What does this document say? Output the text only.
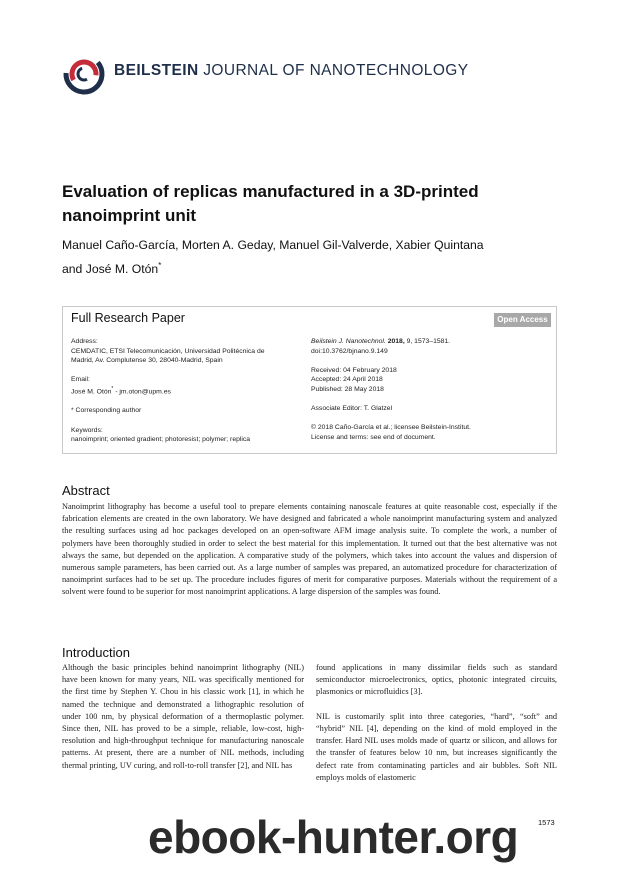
BEILSTEIN JOURNAL OF NANOTECHNOLOGY
Evaluation of replicas manufactured in a 3D-printed nanoimprint unit
Manuel Caño-García, Morten A. Geday, Manuel Gil-Valverde, Xabier Quintana
and José M. Otón*
Full Research Paper	Open Access
Address:
CEMDATIC, ETSI Telecomunicación, Universidad Politécnica de
Madrid, Av. Complutense 30, 28040-Madrid, Spain
Email:
José M. Otón* - jm.oton@upm.es
* Corresponding author
Keywords:
nanoimprint; oriented gradient; photoresist; polymer; replica
Beilstein J. Nanotechnol. 2018, 9, 1573–1581.
doi:10.3762/bjnano.9.149
Received: 04 February 2018
Accepted: 24 April 2018
Published: 28 May 2018
Associate Editor: T. Glatzel
© 2018 Caño-García et al.; licensee Beilstein-Institut.
License and terms: see end of document.
Abstract
Nanoimprint lithography has become a useful tool to prepare elements containing nanoscale features at quite reasonable cost, especially if the fabrication elements are created in the own laboratory. We have designed and fabricated a whole nanoimprint manufacturing system and analyzed the resulting surfaces using ad hoc packages developed on an open-software AFM image analysis suite. To complete the work, a number of polymers have been thoroughly studied in order to select the best material for this implementation. It turned out that the best alternative was not always the same, but depended on the application. A comparative study of the polymers, which takes into account the values and dispersion of numerous sample parameters, has been carried out. As a large number of samples was prepared, an automatized procedure for characterization of nanoimprint surfaces had to be set up. The procedure includes figures of merit for comparative purposes. Materials without the requirement of a solvent were found to be superior for most nanoimprint applications. A large dispersion of the samples was found.
Introduction
Although the basic principles behind nanoimprint lithography (NIL) have been known for many years, NIL was specifically mentioned for the first time by Stephen Y. Chou in his classic work [1], in which he named the technique and demonstrated a lithographic resolution of under 100 nm, by physical deformation of a thermoplastic polymer. Since then, NIL has proved to be a simple, reliable, low-cost, high-resolution and high-throughput technique for manufacturing nanoscale patterns. At present, there are a number of NIL methods, including thermal printing, UV curing, and roll-to-roll transfer [2], and NIL has
found applications in many dissimilar fields such as standard semiconductor microelectronics, optics, photonic integrated circuits, plasmonics or microfluidics [3].
NIL is customarily split into three categories, “hard”, “soft” and “hybrid” NIL [4], depending on the kind of mold employed in the transfer. Hard NIL uses molds made of quartz or silicon, and allows for the transfer of features below 10 nm, but increases significantly the defect rate from contaminating particles and air bubbles. Soft NIL employs molds of elastomeric
1573
ebook-hunter.org
